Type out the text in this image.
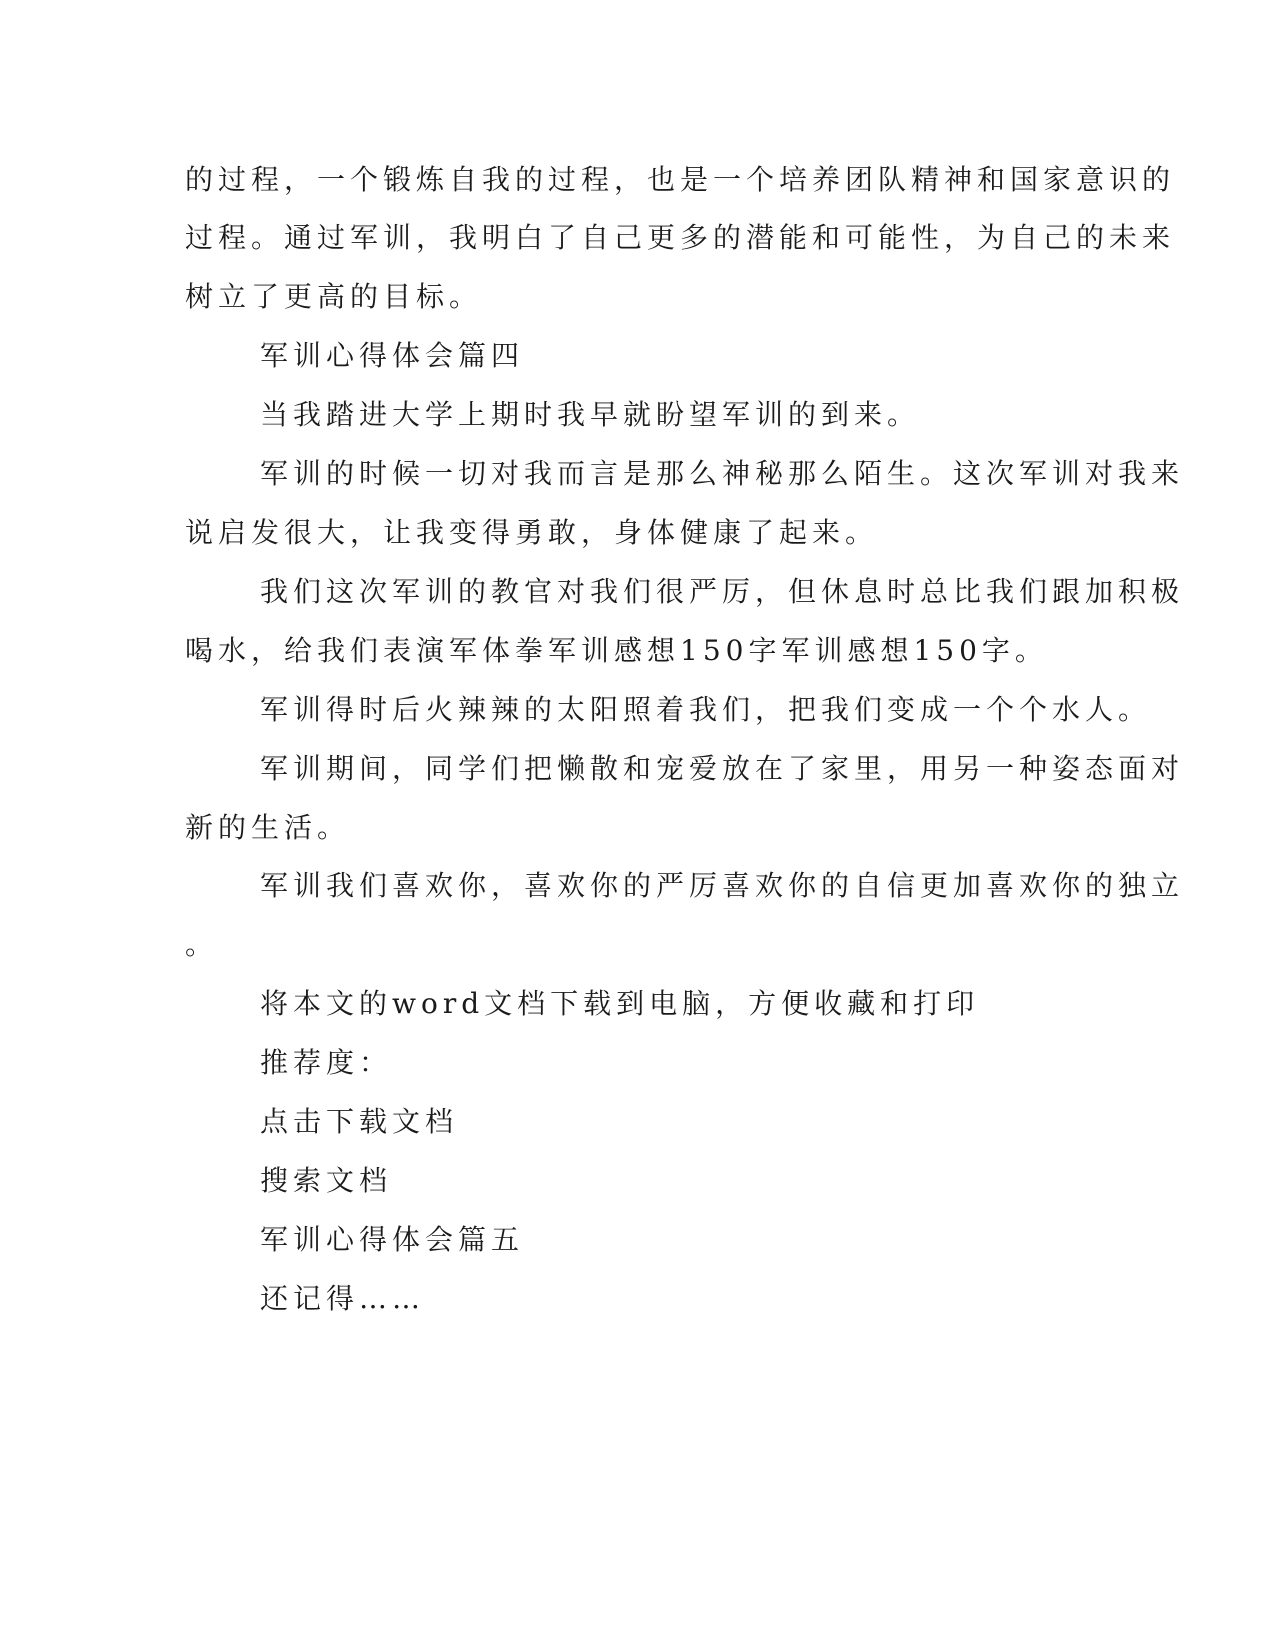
的过程，一个锻炼自我的过程，也是一个培养团队精神和国家意识的
过程。通过军训，我明白了自己更多的潜能和可能性，为自己的未来
树立了更高的目标。
军训心得体会篇四
当我踏进大学上期时我早就盼望军训的到来。
军训的时候一切对我而言是那么神秘那么陌生。这次军训对我来
说启发很大，让我变得勇敢，身体健康了起来。
我们这次军训的教官对我们很严厉，但休息时总比我们跟加积极
喝水，给我们表演军体拳军训感想150字军训感想150字。
军训得时后火辣辣的太阳照着我们，把我们变成一个个水人。
军训期间，同学们把懒散和宠爱放在了家里，用另一种姿态面对
新的生活。
军训我们喜欢你，喜欢你的严厉喜欢你的自信更加喜欢你的独立
。
将本文的word文档下载到电脑，方便收藏和打印
推荐度：
点击下载文档
搜索文档
军训心得体会篇五
还记得……
